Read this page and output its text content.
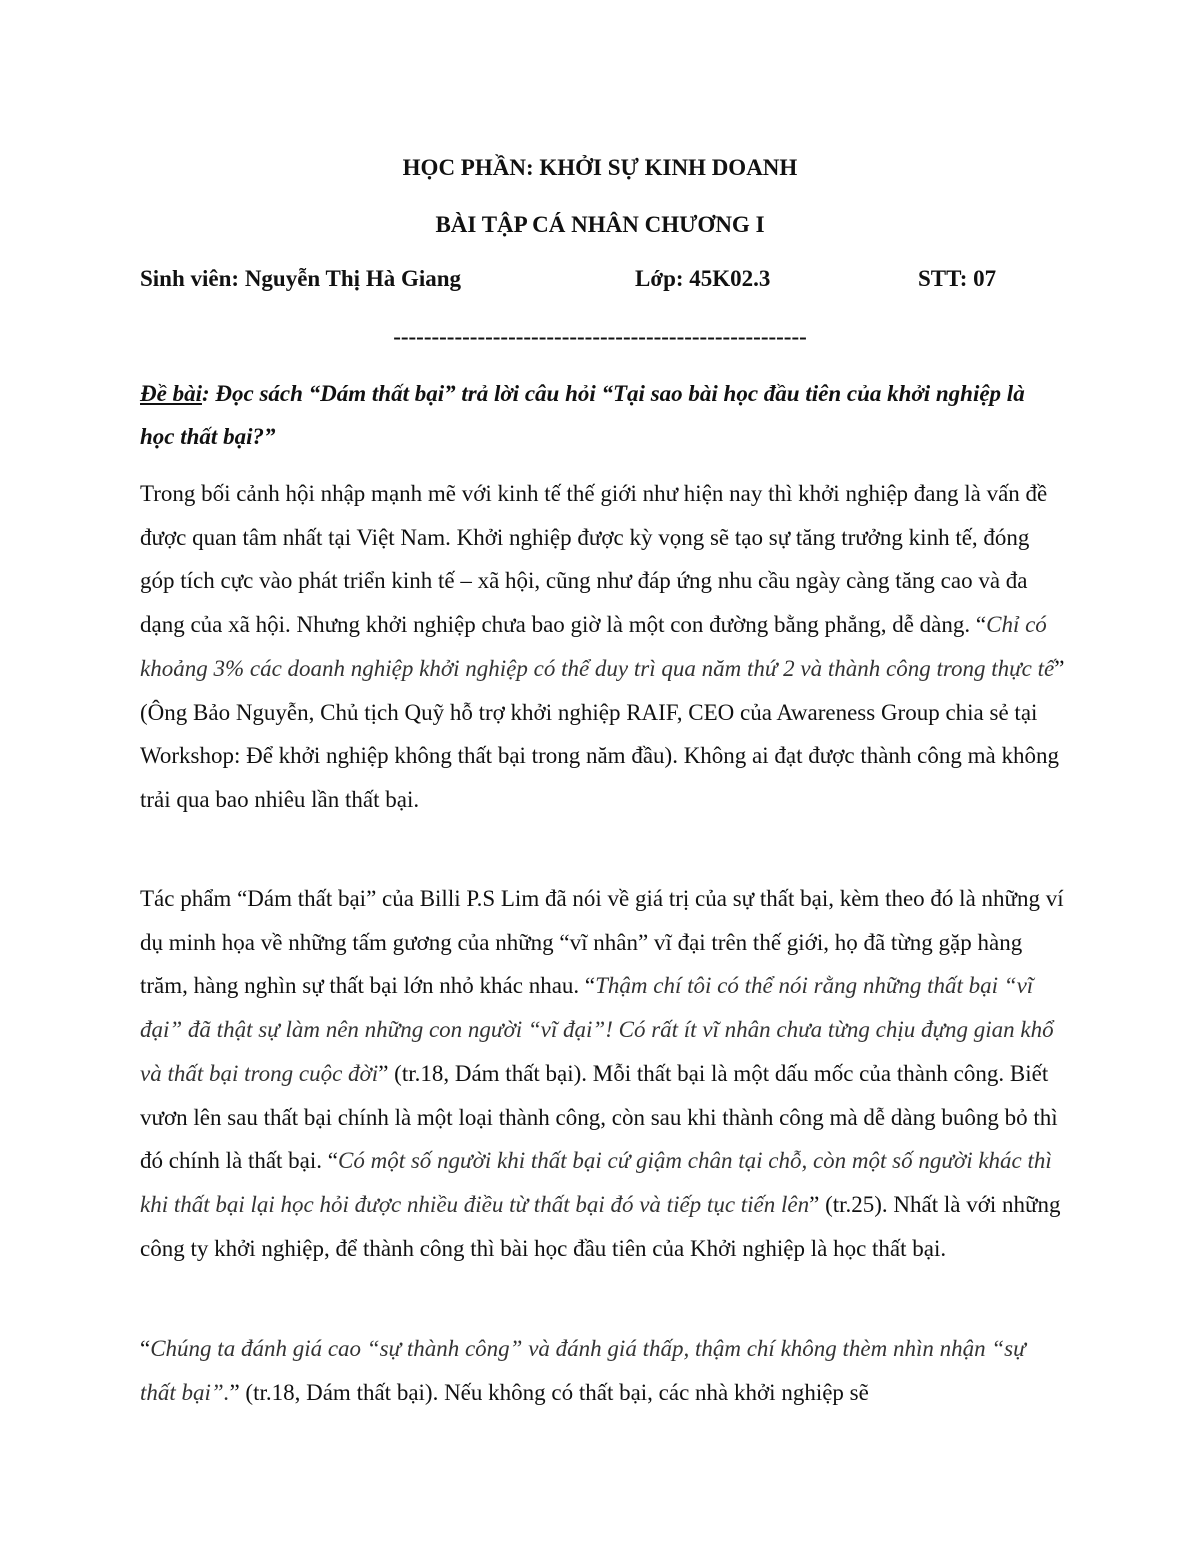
HỌC PHẦN: KHỞI SỰ KINH DOANH
BÀI TẬP CÁ NHÂN CHƯƠNG I
Sinh viên: Nguyễn Thị Hà Giang	Lớp: 45K02.3	STT: 07
------------------------------------------------------
Đề bài: Đọc sách “Dám thất bại” trả lời câu hỏi “Tại sao bài học đầu tiên của khởi nghiệp là học thất bại?”

Trong bối cảnh hội nhập mạnh mẽ với kinh tế thế giới như hiện nay thì khởi nghiệp đang là vấn đề được quan tâm nhất tại Việt Nam. Khởi nghiệp được kỳ vọng sẽ tạo sự tăng trưởng kinh tế, đóng góp tích cực vào phát triển kinh tế – xã hội, cũng như đáp ứng nhu cầu ngày càng tăng cao và đa dạng của xã hội. Nhưng khởi nghiệp chưa bao giờ là một con đường bằng phẳng, dễ dàng. “Chỉ có khoảng 3% các doanh nghiệp khởi nghiệp có thể duy trì qua năm thứ 2 và thành công trong thực tế” (Ông Bảo Nguyễn, Chủ tịch Quỹ hỗ trợ khởi nghiệp RAIF, CEO của Awareness Group chia sẻ tại Workshop: Để khởi nghiệp không thất bại trong năm đầu). Không ai đạt được thành công mà không trải qua bao nhiêu lần thất bại.

Tác phẩm “Dám thất bại” của Billi P.S Lim đã nói về giá trị của sự thất bại, kèm theo đó là những ví dụ minh họa về những tấm gương của những “vĩ nhân” vĩ đại trên thế giới, họ đã từng gặp hàng trăm, hàng nghìn sự thất bại lớn nhỏ khác nhau. “Thậm chí tôi có thể nói rằng những thất bại “vĩ đại” đã thật sự làm nên những con người “vĩ đại”! Có rất ít vĩ nhân chưa từng chịu đựng gian khổ và thất bại trong cuộc đời” (tr.18, Dám thất bại). Mỗi thất bại là một dấu mốc của thành công. Biết vươn lên sau thất bại chính là một loại thành công, còn sau khi thành công mà dễ dàng buông bỏ thì đó chính là thất bại. “Có một số người khi thất bại cứ giậm chân tại chỗ, còn một số người khác thì khi thất bại lại học hỏi được nhiều điều từ thất bại đó và tiếp tục tiến lên” (tr.25). Nhất là với những công ty khởi nghiệp, để thành công thì bài học đầu tiên của Khởi nghiệp là học thất bại.

“Chúng ta đánh giá cao “sự thành công” và đánh giá thấp, thậm chí không thèm nhìn nhận “sự thất bại”.” (tr.18, Dám thất bại). Nếu không có thất bại, các nhà khởi nghiệp sẽ
